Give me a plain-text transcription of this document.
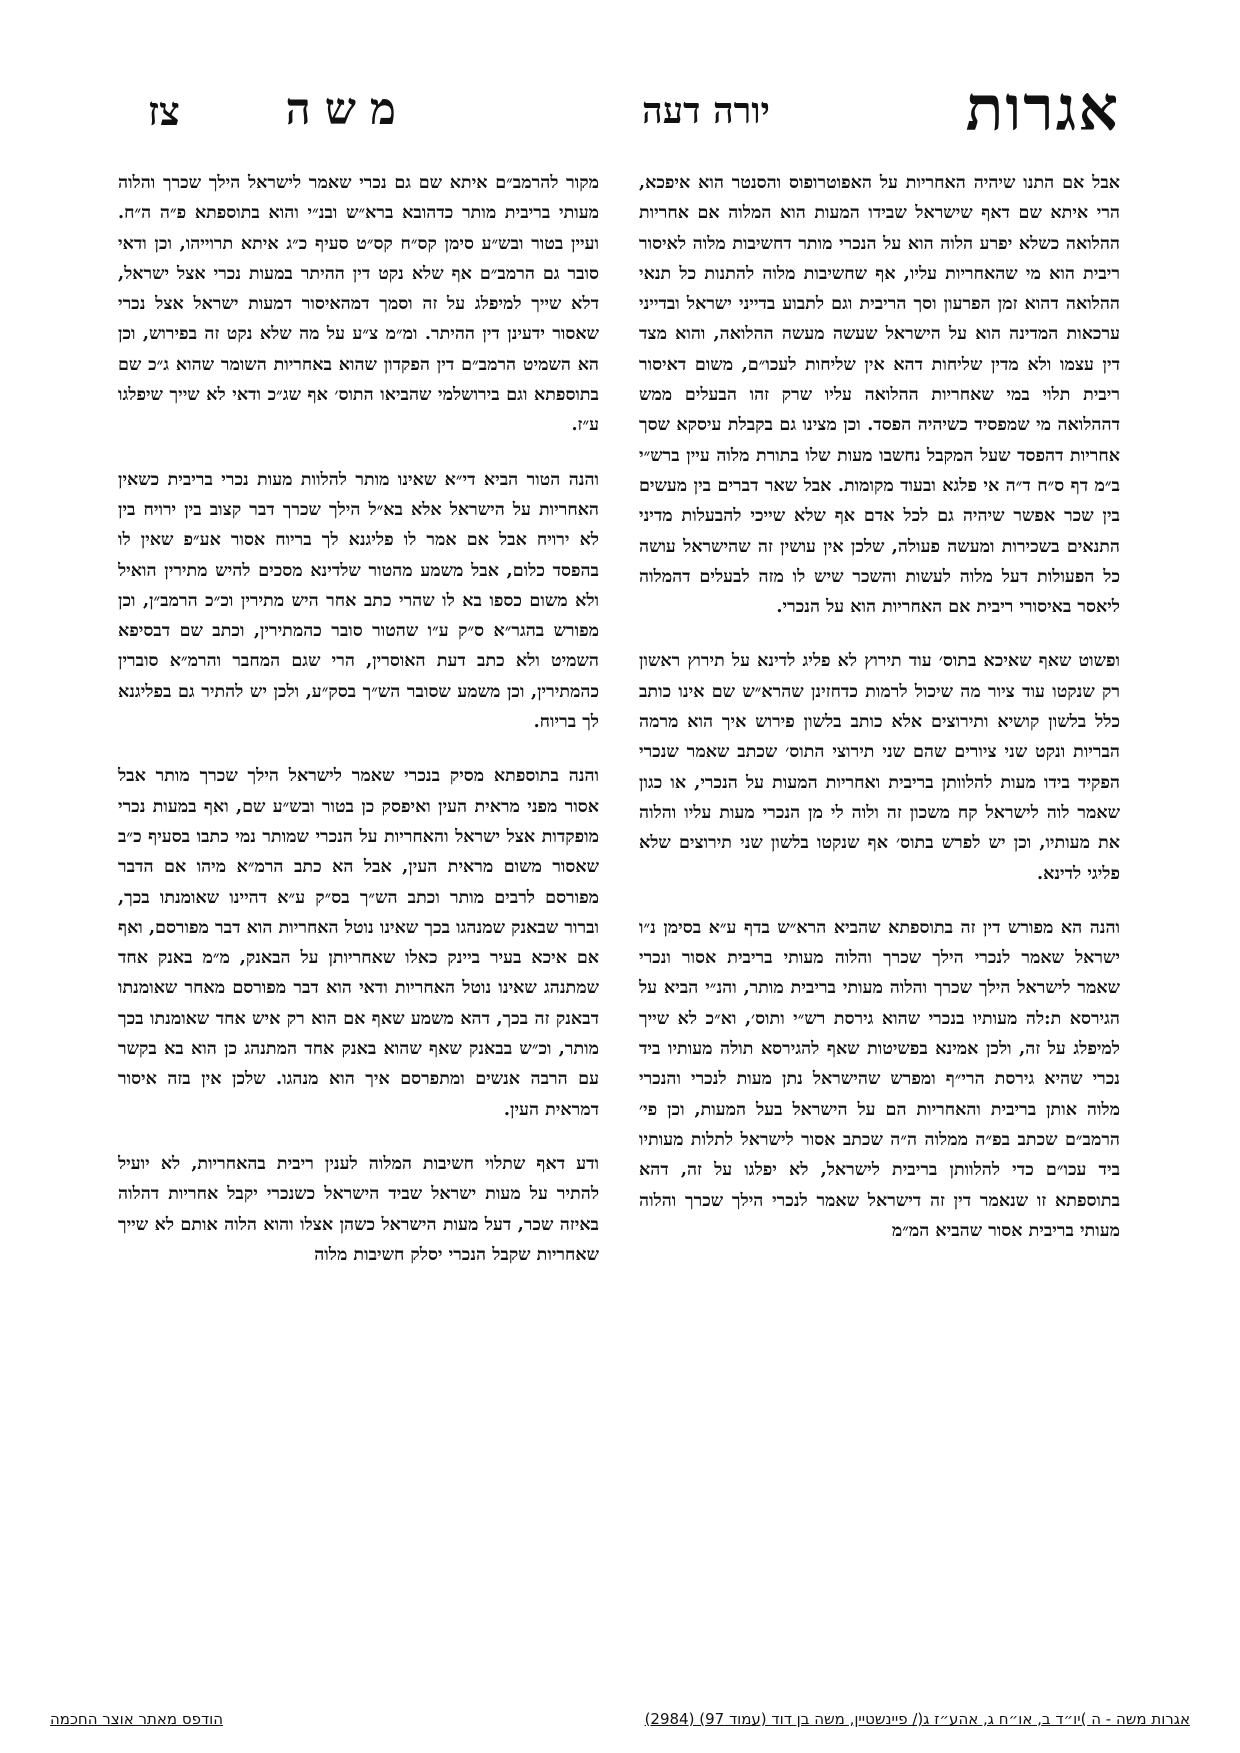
אגרות
יורה דעה
משה
צז

אבל אם התנו שיהיה האחריות על האפוטרופוס והסנטר הוא איפכא, הרי איתא שם דאף שישראל שבידו המעות הוא המלוה אם אחריות ההלואה כשלא יפרע הלוה הוא על הנכרי מותר דחשיבות מלוה לאיסור ריבית הוא מי שהאחריות עליו, אף שחשיבות מלוה להתנות כל תנאי ההלואה דהוא זמן הפרעון וסך הריבית וגם לתבוע בדייני ישראל ובדייני ערכאות המדינה הוא על הישראל שעשה מעשה ההלואה, והוא מצד דין עצמו ולא מדין שליחות דהא אין שליחות לעכו״ם, משום דאיסור ריבית תלוי במי שאחריות ההלואה עליו שרק זהו הבעלים ממש דההלואה מי שמפסיד כשיהיה הפסד. וכן מצינו גם בקבלת עיסקא שסך אחריות דהפסד שעל המקבל נחשבו מעות שלו בתורת מלוה עיין ברש״י ב״מ דף ס״ח ד״ה אי פלגא ובעוד מקומות. אבל שאר דברים בין מעשים בין שכר אפשר שיהיה גם לכל אדם אף שלא שייכי להבעלות מדיני התנאים בשכירות ומעשה פעולה, שלכן אין עושין זה שהישראל עושה כל הפעולות דעל מלוה לעשות והשכר שיש לו מזה לבעלים דהמלוה ליאסר באיסורי ריבית אם האחריות הוא על הנכרי.

ופשוט שאף שאיכא בתוס׳ עוד תירוץ לא פליג לדינא על תירוץ ראשון רק שנקטו עוד ציור מה שיכול לרמות כדחזינן שהרא״ש שם אינו כותב כלל בלשון קושיא ותירוצים אלא כותב בלשון פירוש איך הוא מרמה הבריות ונקט שני ציורים שהם שני תירוצי התוס׳ שכתב שאמר שנכרי הפקיד בידו מעות להלוותן בריבית ואחריות המעות על הנכרי, או כגון שאמר לוה לישראל קח משכון זה ולוה לי מן הנכרי מעות עליו והלוה את מעותיו, וכן יש לפרש בתוס׳ אף שנקטו בלשון שני תירוצים שלא פליגי לדינא.

והנה הא מפורש דין זה בתוספתא שהביא הרא״ש בדף ע״א בסימן נ״ו ישראל שאמר לנכרי הילך שכרך והלוה מעותי בריבית אסור ונכרי שאמר לישראל הילך שכרך והלוה מעותי בריבית מותר, והנ״י הביא על הגירסא ת:לה מעותיו בנכרי שהוא גירסת רש״י ותוס׳, וא״כ לא שייך למיפלג על זה, ולכן אמינא בפשיטות שאף להגירסא תולה מעותיו ביד נכרי שהיא גירסת הרי״ף ומפרש שהישראל נתן מעות לנכרי והנכרי מלוה אותן בריבית והאחריות הם על הישראל בעל המעות, וכן פי׳ הרמב״ם שכתב בפ״ה ממלוה ה״ה שכתב אסור לישראל לתלות מעותיו ביד עכו״ם כדי להלוותן בריבית לישראל, לא יפלגו על זה, דהא בתוספתא זו שנאמר דין זה דישראל שאמר לנכרי הילך שכרך והלוה מעותי בריבית אסור שהביא המ״מ

מקור להרמב״ם איתא שם גם נכרי שאמר לישראל הילך שכרך והלוה מעותי בריבית מותר כדהובא ברא״ש ובנ״י והוא בתוספתא פ״ה ה״ח. ועיין בטור ובש״ע סימן קס״ח קס״ט סעיף כ״ג איתא תרוייהו, וכן ודאי סובר גם הרמב״ם אף שלא נקט דין ההיתר במעות נכרי אצל ישראל, דלא שייך למיפלג על זה וסמך דמהאיסור דמעות ישראל אצל נכרי שאסור ידעינן דין ההיתר. ומ״מ צ״ע על מה שלא נקט זה בפירוש, וכן הא השמיט הרמב״ם דין הפקדון שהוא באחריות השומר שהוא ג״כ שם בתוספתא וגם בירושלמי שהביאו התוס׳ אף שג״כ ודאי לא שייך שיפלגו ע״ז.

והנה הטור הביא די״א שאינו מותר להלוות מעות נכרי בריבית כשאין האחריות על הישראל אלא בא״ל הילך שכרך דבר קצוב בין ירויח בין לא ירויח אבל אם אמר לו פליגנא לך בריוח אסור אע״פ שאין לו בהפסד כלום, אבל משמע מהטור שלדינא מסכים להיש מתירין הואיל ולא משום כספו בא לו שהרי כתב אחר היש מתירין וכ״כ הרמב״ן, וכן מפורש בהגר״א ס״ק ע״ו שהטור סובר כהמתירין, וכתב שם דבסיפא השמיט ולא כתב דעת האוסרין, הרי שגם המחבר והרמ״א סוברין כהמתירין, וכן משמע שסובר הש״ך בסק״ע, ולכן יש להתיר גם בפליגנא לך בריוח.

והנה בתוספתא מסיק בנכרי שאמר לישראל הילך שכרך מותר אבל אסור מפני מראית העין ואיפסק כן בטור ובש״ע שם, ואף במעות נכרי מופקדות אצל ישראל והאחריות על הנכרי שמותר נמי כתבו בסעיף כ״ב שאסור משום מראית העין, אבל הא כתב הרמ״א מיהו אם הדבר מפורסם לרבים מותר וכתב הש״ך בס״ק ע״א דהיינו שאומנתו בכך, וברור שבאנק שמנהגו בכך שאינו נוטל האחריות הוא דבר מפורסם, ואף אם איכא בעיר ביינק כאלו שאחריותן על הבאנק, מ״מ באנק אחד שמתנהג שאינו נוטל האחריות ודאי הוא דבר מפורסם מאחר שאומנתו דבאנק זה בכך, דהא משמע שאף אם הוא רק איש אחד שאומנתו בכך מותר, וכ״ש בבאנק שאף שהוא באנק אחד המתנהג כן הוא בא בקשר עם הרבה אנשים ומתפרסם איך הוא מנהגו. שלכן אין בזה איסור דמראית העין.

ודע דאף שתלוי חשיבות המלוה לענין ריבית בהאחריות, לא יועיל להתיר על מעות ישראל שביד הישראל כשנכרי יקבל אחריות דהלוה באיזה שכר, דעל מעות הישראל כשהן אצלו והוא הלוה אותם לא שייך שאחריות שקבל הנכרי יסלק חשיבות מלוה

אגרות משה - ה )יו״ד ב, או״ח ג, אהע״ז ג(/ פיינשטיין, משה בן דוד (עמוד 97) (2984)
הודפס מאתר אוצר החכמה
